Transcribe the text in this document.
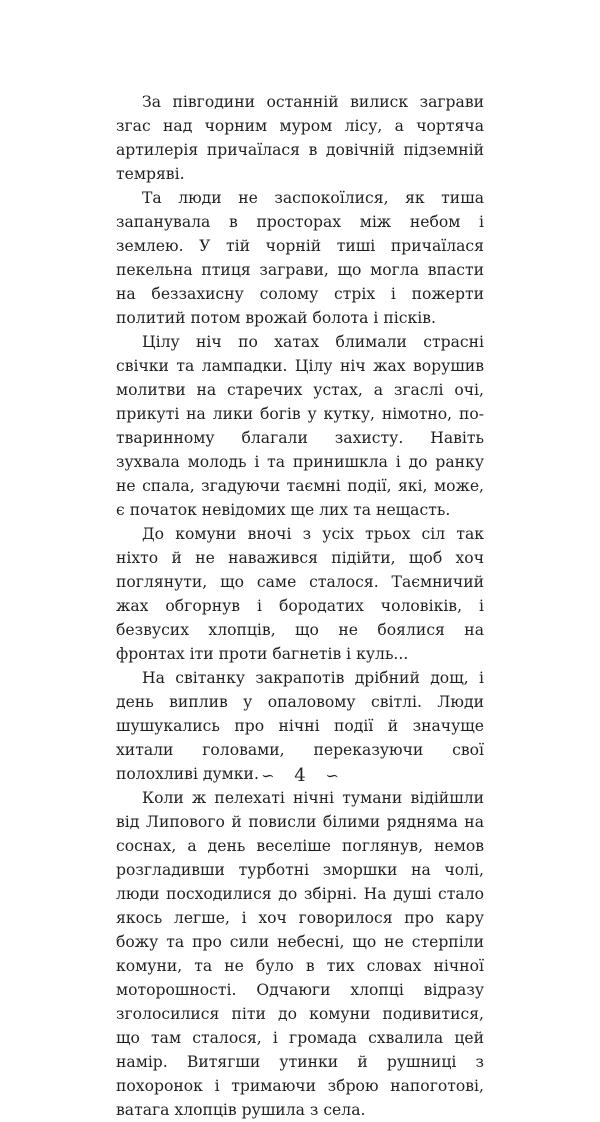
За півгодини останній вилиск заграви згас над чорним муром лісу, а чортяча артилерія причаїлася в довічній підземній темряві.

Та люди не заспокоїлися, як тиша запанувала в просторах між небом і землею. У тій чорній тиші причаїлася пекельна птиця заграви, що могла впасти на беззахисну солому стріх і пожерти политий потом врожай болота і пісків.

Цілу ніч по хатах блимали страсні свічки та лампадки. Цілу ніч жах ворушив молитви на старечих устах, а згаслі очі, прикуті на лики богів у кутку, німотно, по-тваринному благали захисту. Навіть зухвала молодь і та принишкла і до ранку не спала, згадуючи таємні події, які, може, є початок невідомих ще лих та нещасть.

До комуни вночі з усіх трьох сіл так ніхто й не наважився підійти, щоб хоч поглянути, що саме сталося. Таємничий жах обгорнув і бородатих чоловіків, і безвусих хлопців, що не боялися на фронтах іти проти багнетів і куль...

На світанку закрапотів дрібний дощ, і день виплив у опаловому світлі. Люди шушукались про нічні події й значуще хитали головами, переказуючи свої полохливі думки.

Коли ж пелехаті нічні тумани відійшли від Липового й повисли білими рядняма на соснах, а день веселіше поглянув, немов розгладивши турботні зморшки на чолі, люди посходилися до збірні. На душі стало якось легше, і хоч говорилося про кару божу та про сили небесні, що не стерпіли комуни, та не було в тих словах нічної моторошності. Одчаюги хлопці відразу зголосилися піти до комуни подивитися, що там сталося, і громада схвалила цей намір. Витягши утинки й рушниці з похоронок і тримаючи зброю напоготові, ватага хлопців рушила з села.

∽ 4 ∽
